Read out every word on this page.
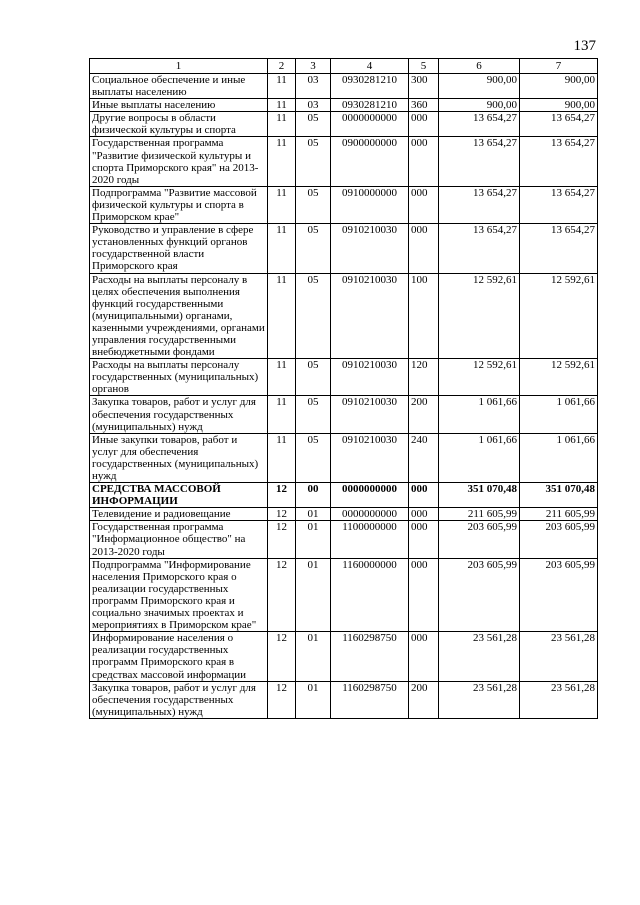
137
1	2	3	4	5	6	7
Социальное обеспечение и иные выплаты населению	11	03	0930281210	300	900,00	900,00
Иные выплаты населению	11	03	0930281210	360	900,00	900,00
Другие вопросы в области физической культуры и спорта	11	05	0000000000	000	13 654,27	13 654,27
Государственная программа "Развитие физической культуры и спорта Приморского края" на 2013-2020 годы	11	05	0900000000	000	13 654,27	13 654,27
Подпрограмма "Развитие массовой физической культуры и спорта в Приморском крае"	11	05	0910000000	000	13 654,27	13 654,27
Руководство и управление в сфере установленных функций органов государственной власти Приморского края	11	05	0910210030	000	13 654,27	13 654,27
Расходы на выплаты персоналу в целях обеспечения выполнения функций государственными (муниципальными) органами, казенными учреждениями, органами управления государственными внебюджетными фондами	11	05	0910210030	100	12 592,61	12 592,61
Расходы на выплаты персоналу государственных (муниципальных) органов	11	05	0910210030	120	12 592,61	12 592,61
Закупка товаров, работ и услуг для обеспечения государственных (муниципальных) нужд	11	05	0910210030	200	1 061,66	1 061,66
Иные закупки товаров, работ и услуг для обеспечения государственных (муниципальных) нужд	11	05	0910210030	240	1 061,66	1 061,66
СРЕДСТВА МАССОВОЙ ИНФОРМАЦИИ	12	00	0000000000	000	351 070,48	351 070,48
Телевидение и радиовещание	12	01	0000000000	000	211 605,99	211 605,99
Государственная программа "Информационное общество" на 2013-2020 годы	12	01	1100000000	000	203 605,99	203 605,99
Подпрограмма "Информирование населения Приморского края о реализации государственных программ Приморского края и социально значимых проектах и мероприятиях в Приморском крае"	12	01	1160000000	000	203 605,99	203 605,99
Информирование населения о реализации государственных программ Приморского края в средствах массовой информации	12	01	1160298750	000	23 561,28	23 561,28
Закупка товаров, работ и услуг для обеспечения государственных (муниципальных) нужд	12	01	1160298750	200	23 561,28	23 561,28
